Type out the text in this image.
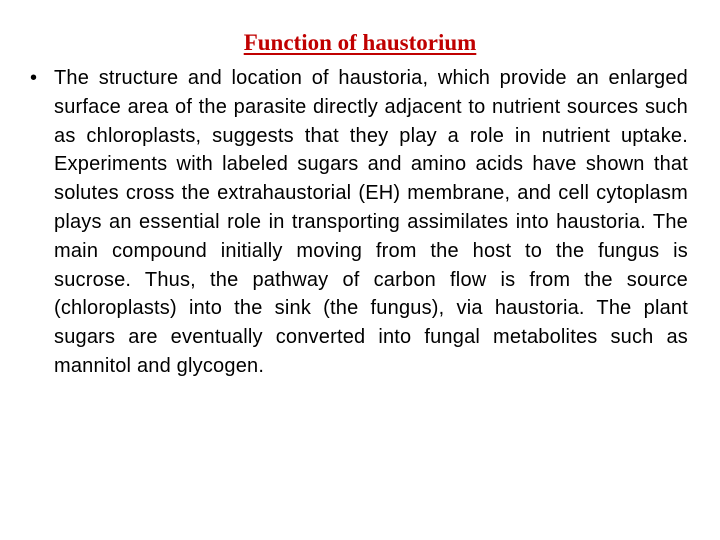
Function of haustorium
• The structure and location of haustoria, which provide an enlarged surface area of the parasite directly adjacent to nutrient sources such as chloroplasts, suggests that they play a role in nutrient uptake. Experiments with labeled sugars and amino acids have shown that solutes cross the extrahaustorial (EH) membrane, and cell cytoplasm plays an essential role in transporting assimilates into haustoria. The main compound initially moving from the host to the fungus is sucrose. Thus, the pathway of carbon flow is from the source (chloroplasts) into the sink (the fungus), via haustoria. The plant sugars are eventually converted into fungal metabolites such as mannitol and glycogen.
